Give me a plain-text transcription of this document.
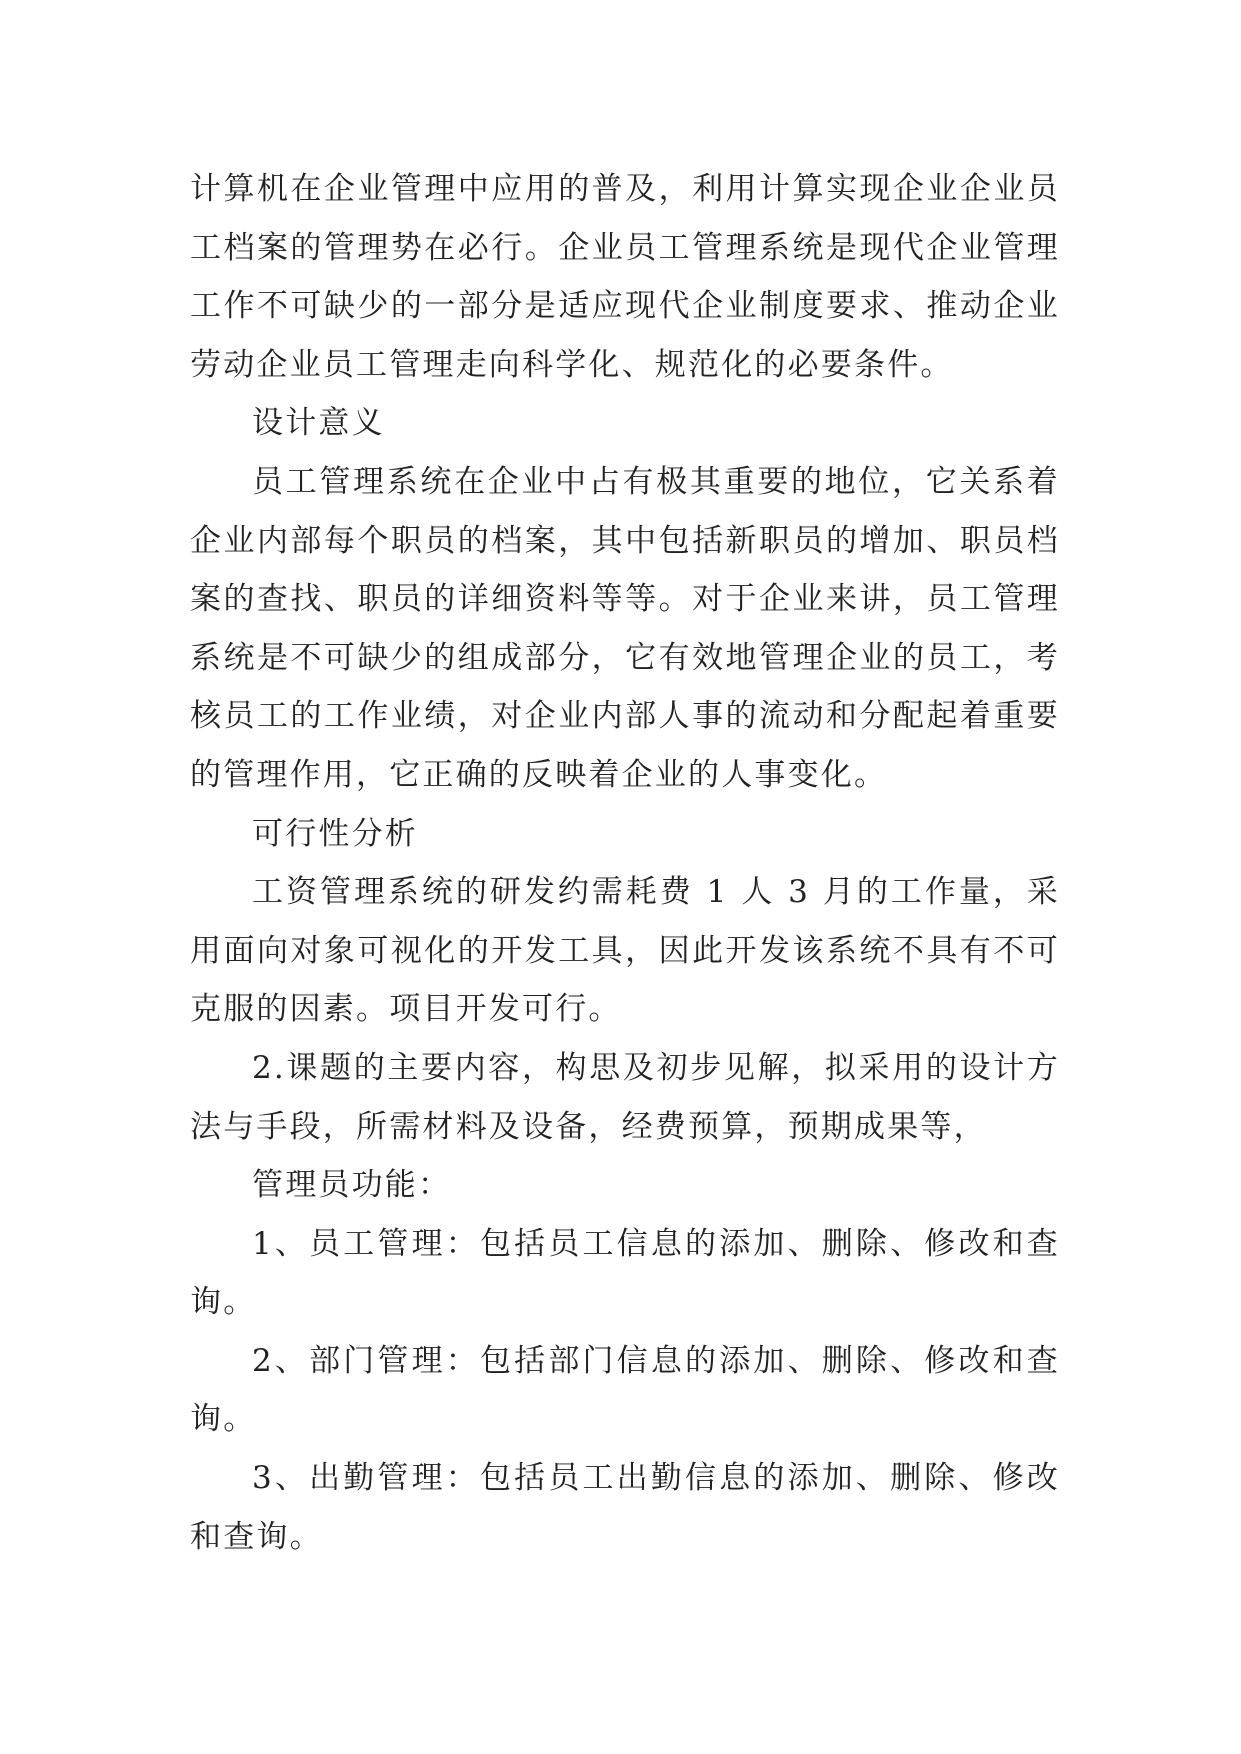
计算机在企业管理中应用的普及，利用计算实现企业企业员工档案的管理势在必行。企业员工管理系统是现代企业管理工作不可缺少的一部分是适应现代企业制度要求、推动企业劳动企业员工管理走向科学化、规范化的必要条件。

设计意义

员工管理系统在企业中占有极其重要的地位，它关系着企业内部每个职员的档案，其中包括新职员的增加、职员档案的查找、职员的详细资料等等。对于企业来讲，员工管理系统是不可缺少的组成部分，它有效地管理企业的员工，考核员工的工作业绩，对企业内部人事的流动和分配起着重要的管理作用，它正确的反映着企业的人事变化。

可行性分析

工资管理系统的研发约需耗费 1 人 3 月的工作量，采用面向对象可视化的开发工具，因此开发该系统不具有不可克服的因素。项目开发可行。

2.课题的主要内容，构思及初步见解，拟采用的设计方法与手段，所需材料及设备，经费预算，预期成果等，

管理员功能：

1、员工管理：包括员工信息的添加、删除、修改和查询。

2、部门管理：包括部门信息的添加、删除、修改和查询。

3、出勤管理：包括员工出勤信息的添加、删除、修改和查询。
